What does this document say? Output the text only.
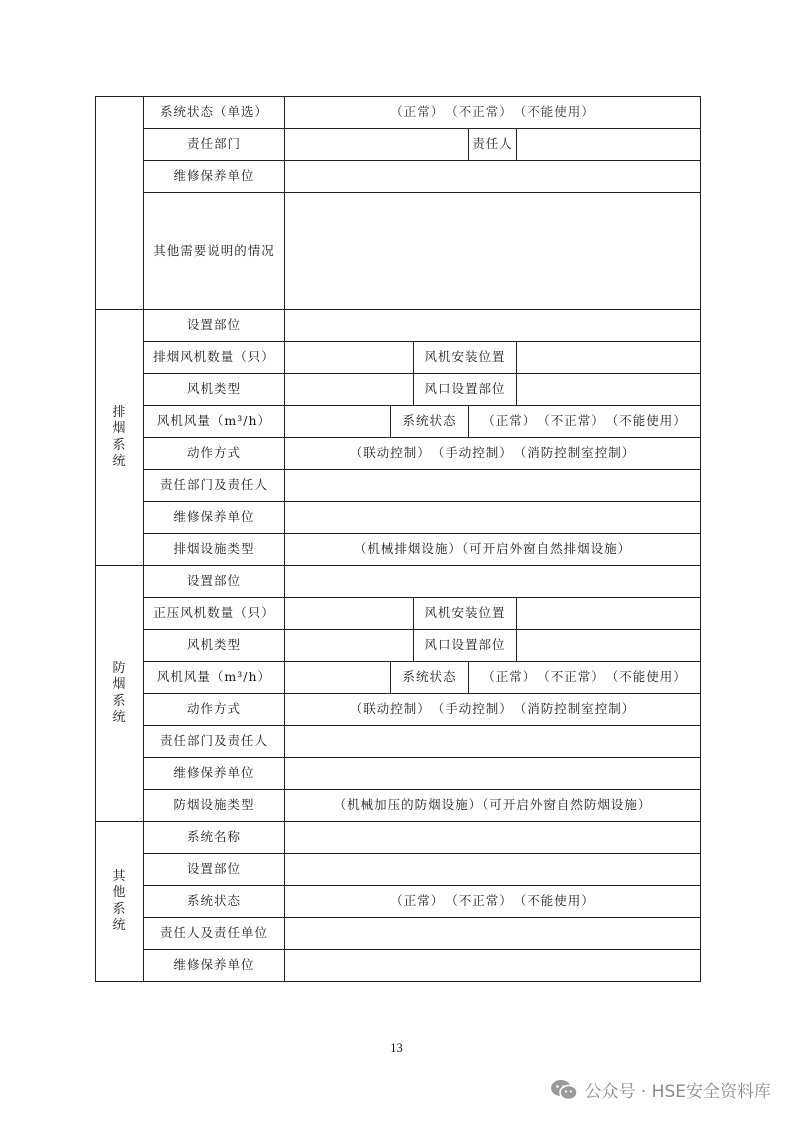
	系统状态（单选）	（正常）　（不正常）　（不能使用）				
	责任部门				责任人	
	维修保养单位					
	其他需要说明的情况					

排
烟
系
统	设置部位					
	排烟风机数量（只）			风机安装位置		
	风机类型			风口设置部位		
	风机风量（m³/h）		系统状态		（正常）　 （不正常）　 （不能使用）	
	动作方式	（联动控制）　（手动控制）　（消防控制室控制）				
	责任部门及责任人					
	维修保养单位					
	排烟设施类型	（机械排烟设施）（可开启外窗自然排烟设施）				

防
烟
系
统	设置部位					
	正压风机数量（只）			风机安装位置		
	风机类型			风口设置部位		
	风机风量（m³/h）		系统状态		（正常）　 （不正常）　 （不能使用）	
	动作方式	（联动控制）　（手动控制）　（消防控制室控制）				
	责任部门及责任人					
	维修保养单位					
	防烟设施类型	（机械加压的防烟设施）（可开启外窗自然防烟设施）				

其
他
系
统	系统名称					
	设置部位					
	系统状态	（正常）　（不正常）　（不能使用）				
	责任人及责任单位					
	维修保养单位					
13
公众号 · HSE安全资料库
